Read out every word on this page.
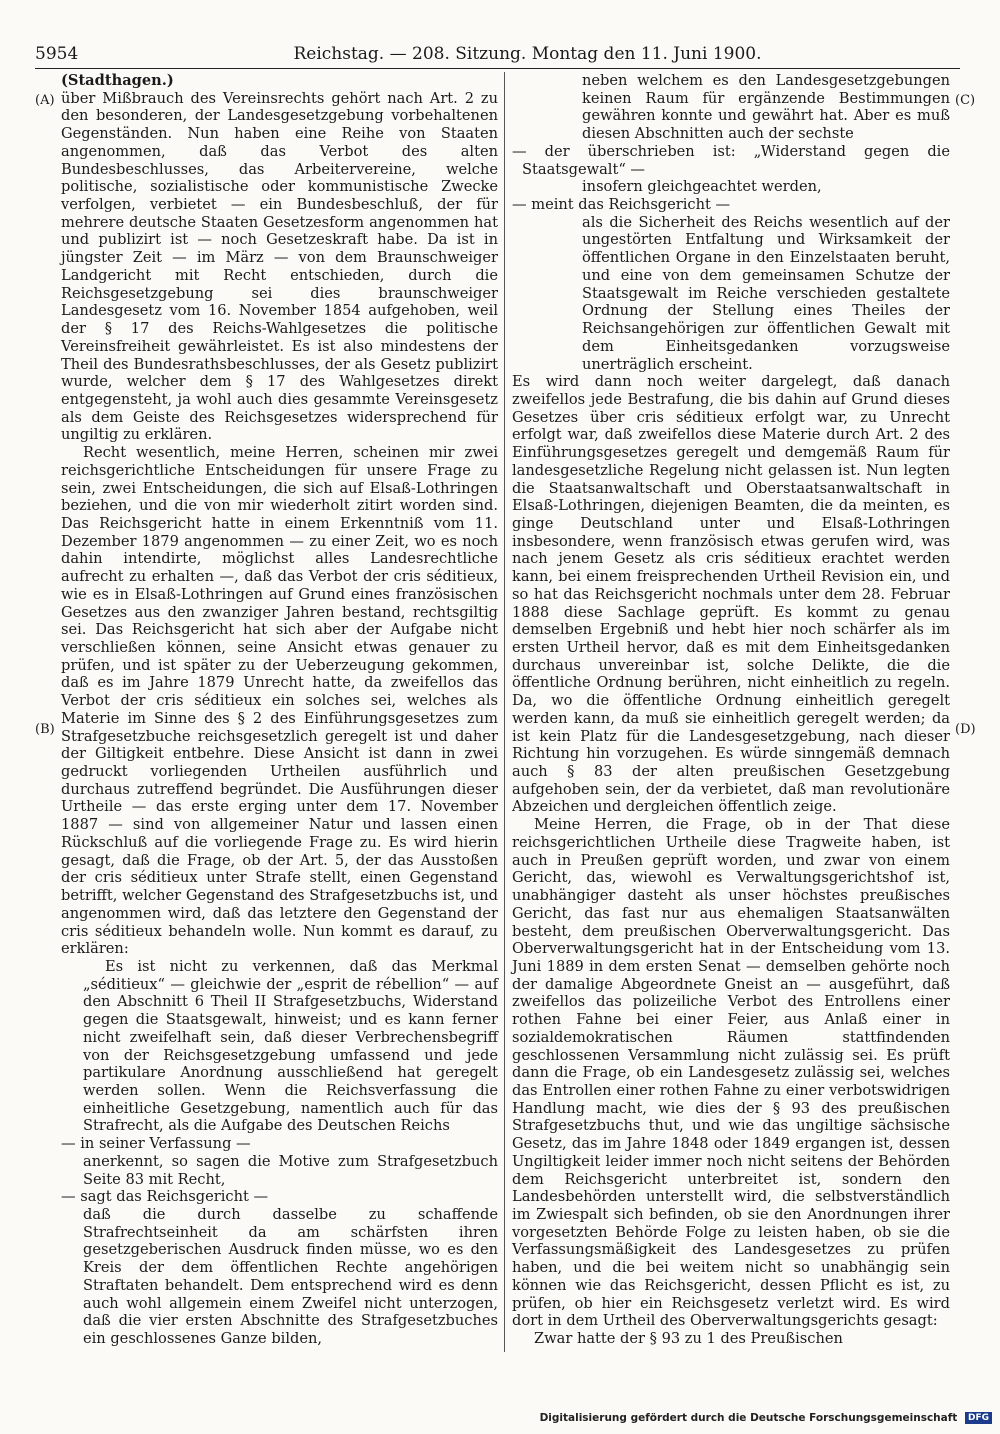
5954	Reichstag. — 208. Sitzung. Montag den 11. Juni 1900.
(A)
(B)
(C)
(D)

(Stadthagen.)

über Mißbrauch des Vereinsrechts gehört nach Art. 2 zu den besonderen, der Landesgesetzgebung vorbehaltenen Gegenständen. Nun haben eine Reihe von Staaten angenommen, daß das Verbot des alten Bundesbeschlusses, das Arbeitervereine, welche politische, sozialistische oder kommunistische Zwecke verfolgen, verbietet — ein Bundesbeschluß, der für mehrere deutsche Staaten Gesetzesform angenommen hat und publizirt ist — noch Gesetzeskraft habe. Da ist in jüngster Zeit — im März — von dem Braunschweiger Landgericht mit Recht entschieden, durch die Reichsgesetzgebung sei dies braunschweiger Landesgesetz vom 16. November 1854 aufgehoben, weil der § 17 des Reichs-Wahlgesetzes die politische Vereinsfreiheit gewährleistet. Es ist also mindestens der Theil des Bundesrathsbeschlusses, der als Gesetz publizirt wurde, welcher dem § 17 des Wahlgesetzes direkt entgegensteht, ja wohl auch dies gesammte Vereinsgesetz als dem Geiste des Reichsgesetzes widersprechend für ungiltig zu erklären.

Recht wesentlich, meine Herren, scheinen mir zwei reichsgerichtliche Entscheidungen für unsere Frage zu sein, zwei Entscheidungen, die sich auf Elsaß-Lothringen beziehen, und die von mir wiederholt zitirt worden sind. Das Reichsgericht hatte in einem Erkenntniß vom 11. Dezember 1879 angenommen — zu einer Zeit, wo es noch dahin intendirte, möglichst alles Landesrechtliche aufrecht zu erhalten —, daß das Verbot der cris séditieux, wie es in Elsaß-Lothringen auf Grund eines französischen Gesetzes aus den zwanziger Jahren bestand, rechtsgiltig sei. Das Reichsgericht hat sich aber der Aufgabe nicht verschließen können, seine Ansicht etwas genauer zu prüfen, und ist später zu der Ueberzeugung gekommen, daß es im Jahre 1879 Unrecht hatte, da zweifellos das Verbot der cris séditieux ein solches sei, welches als Materie im Sinne des § 2 des Einführungsgesetzes zum Strafgesetzbuche reichsgesetzlich geregelt ist und daher der Giltigkeit entbehre. Diese Ansicht ist dann in zwei gedruckt vorliegenden Urtheilen ausführlich und durchaus zutreffend begründet. Die Ausführungen dieser Urtheile — das erste erging unter dem 17. November 1887 — sind von allgemeiner Natur und lassen einen Rückschluß auf die vorliegende Frage zu. Es wird hierin gesagt, daß die Frage, ob der Art. 5, der das Ausstoßen der cris séditieux unter Strafe stellt, einen Gegenstand betrifft, welcher Gegenstand des Strafgesetzbuchs ist, und angenommen wird, daß das letztere den Gegenstand der cris séditieux behandeln wolle. Nun kommt es darauf, zu erklären:

Es ist nicht zu verkennen, daß das Merkmal „séditieux“ — gleichwie der „esprit de rébellion“ — auf den Abschnitt 6 Theil II Strafgesetzbuchs, Widerstand gegen die Staatsgewalt, hinweist; und es kann ferner nicht zweifelhaft sein, daß dieser Verbrechensbegriff von der Reichsgesetzgebung umfassend und jede partikulare Anordnung ausschließend hat geregelt werden sollen. Wenn die Reichsverfassung die einheitliche Gesetzgebung, namentlich auch für das Strafrecht, als die Aufgabe des Deutschen Reichs

— in seiner Verfassung —

anerkennt, so sagen die Motive zum Strafgesetzbuch Seite 83 mit Recht,

— sagt das Reichsgericht —

daß die durch dasselbe zu schaffende Strafrechtseinheit da am schärfsten ihren gesetzgeberischen Ausdruck finden müsse, wo es den Kreis der dem öffentlichen Rechte angehörigen Straftaten behandelt. Dem entsprechend wird es denn auch wohl allgemein einem Zweifel nicht unterzogen, daß die vier ersten Abschnitte des Strafgesetzbuches ein geschlossenes Ganze bilden,

neben welchem es den Landesgesetzgebungen keinen Raum für ergänzende Bestimmungen gewähren konnte und gewährt hat. Aber es muß diesen Abschnitten auch der sechste

— der überschrieben ist: „Widerstand gegen die Staatsgewalt“ —

insofern gleichgeachtet werden,

— meint das Reichsgericht —

als die Sicherheit des Reichs wesentlich auf der ungestörten Entfaltung und Wirksamkeit der öffentlichen Organe in den Einzelstaaten beruht, und eine von dem gemeinsamen Schutze der Staatsgewalt im Reiche verschieden gestaltete Ordnung der Stellung eines Theiles der Reichsangehörigen zur öffentlichen Gewalt mit dem Einheitsgedanken vorzugsweise unerträglich erscheint.

Es wird dann noch weiter dargelegt, daß danach zweifellos jede Bestrafung, die bis dahin auf Grund dieses Gesetzes über cris séditieux erfolgt war, zu Unrecht erfolgt war, daß zweifellos diese Materie durch Art. 2 des Einführungsgesetzes geregelt und demgemäß Raum für landesgesetzliche Regelung nicht gelassen ist. Nun legten die Staatsanwaltschaft und Oberstaatsanwaltschaft in Elsaß-Lothringen, diejenigen Beamten, die da meinten, es ginge Deutschland unter und Elsaß-Lothringen insbesondere, wenn französisch etwas gerufen wird, was nach jenem Gesetz als cris séditieux erachtet werden kann, bei einem freisprechenden Urtheil Revision ein, und so hat das Reichsgericht nochmals unter dem 28. Februar 1888 diese Sachlage geprüft. Es kommt zu genau demselben Ergebniß und hebt hier noch schärfer als im ersten Urtheil hervor, daß es mit dem Einheitsgedanken durchaus unvereinbar ist, solche Delikte, die die öffentliche Ordnung berühren, nicht einheitlich zu regeln. Da, wo die öffentliche Ordnung einheitlich geregelt werden kann, da muß sie einheitlich geregelt werden; da ist kein Platz für die Landesgesetzgebung, nach dieser Richtung hin vorzugehen. Es würde sinngemäß demnach auch § 83 der alten preußischen Gesetzgebung aufgehoben sein, der da verbietet, daß man revolutionäre Abzeichen und dergleichen öffentlich zeige.

Meine Herren, die Frage, ob in der That diese reichsgerichtlichen Urtheile diese Tragweite haben, ist auch in Preußen geprüft worden, und zwar von einem Gericht, das, wiewohl es Verwaltungsgerichtshof ist, unabhängiger dasteht als unser höchstes preußisches Gericht, das fast nur aus ehemaligen Staatsanwälten besteht, dem preußischen Oberverwaltungsgericht. Das Oberverwaltungsgericht hat in der Entscheidung vom 13. Juni 1889 in dem ersten Senat — demselben gehörte noch der damalige Abgeordnete Gneist an — ausgeführt, daß zweifellos das polizeiliche Verbot des Entrollens einer rothen Fahne bei einer Feier, aus Anlaß einer in sozialdemokratischen Räumen stattfindenden geschlossenen Versammlung nicht zulässig sei. Es prüft dann die Frage, ob ein Landesgesetz zulässig sei, welches das Entrollen einer rothen Fahne zu einer verbotswidrigen Handlung macht, wie dies der § 93 des preußischen Strafgesetzbuchs thut, und wie das ungiltige sächsische Gesetz, das im Jahre 1848 oder 1849 ergangen ist, dessen Ungiltigkeit leider immer noch nicht seitens der Behörden dem Reichsgericht unterbreitet ist, sondern den Landesbehörden unterstellt wird, die selbstverständlich im Zwiespalt sich befinden, ob sie den Anordnungen ihrer vorgesetzten Behörde Folge zu leisten haben, ob sie die Verfassungsmäßigkeit des Landesgesetzes zu prüfen haben, und die bei weitem nicht so unabhängig sein können wie das Reichsgericht, dessen Pflicht es ist, zu prüfen, ob hier ein Reichsgesetz verletzt wird. Es wird dort in dem Urtheil des Oberverwaltungsgerichts gesagt:

Zwar hatte der § 93 zu 1 des Preußischen

Digitalisierung gefördert durch die Deutsche Forschungsgemeinschaft DFG
